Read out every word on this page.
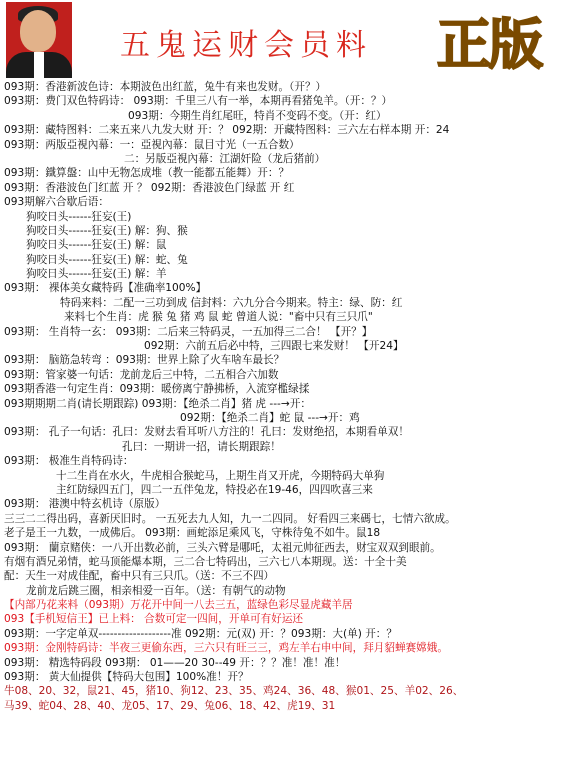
五鬼运财会员料 正版
093期：香港新波色诗：本期波色出红蓝，兔牛有来也发财。（开？）
093期：费门双色特码诗： 093期：千里三八有一举，本期再看猪兔羊。（开：？）
093期：今期生肖红尾旺，特肖不变码不变。（开：红）
093期：藏特图料：二来五来八九发大财 开：？ 092期：开藏特图料：三六左右样本期 开：24
093期：两版亞視內幕：一：亞視內幕：鼠目寸光（一五合数）
二：另版亞視內幕：江湖奸险（龙后猪前）
093期：鐵算盤：山中无物怎成堆（教一能都五能舞）开：？
093期：香港波色门红蓝 开 ？ 092期：香港波色门绿蓝 开 红
093期解六合歇后语：
狗咬日头------狂妄(王)
狗咬日头------狂妄(王) 解：狗、猴
狗咬日头------狂妄(王) 解：鼠
狗咬日头------狂妄(王) 解：蛇、兔
狗咬日头------狂妄(王) 解：羊
093期： 裸体美女藏特码【准确率100%】
特码来料：二配一三功到成 信封料：六九分合今期来。特主：绿、防：红
来料七个生肖：虎 猴 兔 猪 鸡 鼠 蛇 曾道人说："畜中只有三只爪"
093期： 生肖特一玄： 093期：二后来三特码灵，一五加得三二合！ 【开？】
092期：六前五后必中特，三四跟七来发财！ 【开24】
093期： 脑筋急转弯 ：093期：世界上除了火车啥车最长？
093期：管家婆一句话：龙前龙后三中特，二五相合六加数
093期香港一句定生肖：093期：暖傍离宁静拂桥，入流穿檻绿揉
093期期期二肖(请长期跟踪) 093期：【绝杀二肖】猪 虎 ---→开：
092期：【绝杀二肖】蛇 鼠 ---→开：鸡
093期： 孔子一句话：孔曰：发财去看耳听八方注的！孔曰：发财绝招，本期看单双！
孔曰：一期讲一招，请长期跟踪！
093期： 极准生肖特码诗：
十二生肖在水火，牛虎相合猴蛇马，上期生肖又开虎，今期特码大单狗
主红防绿四五门，四二一五伴兔龙，特投必在19-46，四四吹喜三来
093期： 港澳中特玄机诗（原版）
三三二二得出码，喜新厌旧时。 一五死去九人知，九一二四同。 好看四三来碼七，七情六欲成。
老子是王一九数，一成佛后。 093期：画蛇添足乘风飞，守株待兔不如牛。鼠18
093期： 蘭京赌侠：一八开出数必前，三头六臂是哪吒，太祖元帅征西去，财宝双双到眼前。
有烟有酒兄弟情，蛇马顶能爆本期，三二合七特码出，三六七八本期现。送：十全十美
配：天生一对成佳配，畜中只有三只爪。（送：不三不四）
龙前龙后跳三圈，相亲相爱一百年。（送：有朝气的动物
【内部乃花来料（093期）万花开中间一八去三五，蓝绿色彩尽显虎藏羊居
093【手机短信王】已上料： 合数可定一四间，开单可有好运还
093期：一字定单双-------------------准 092期：元(双) 开：？093期：大(单) 开：？
093期：金刚特码诗：半夜三更偷东西，三六只有旺三三，鸡左羊右申中间，拜月貂蝉赛嫦娥。
093期： 精选特码段 093期： 01——20 30--49 开：？？准！准！准！
093期： 黄大仙提供【特码大包围】100%准！开？
牛08、20、32，鼠21、45，猪10、狗12、23、35、鸡24、36、48、猴01、25、羊02、26、
马39、蛇04、28、40、龙05、17、29、兔06、18、42、虎19、31
